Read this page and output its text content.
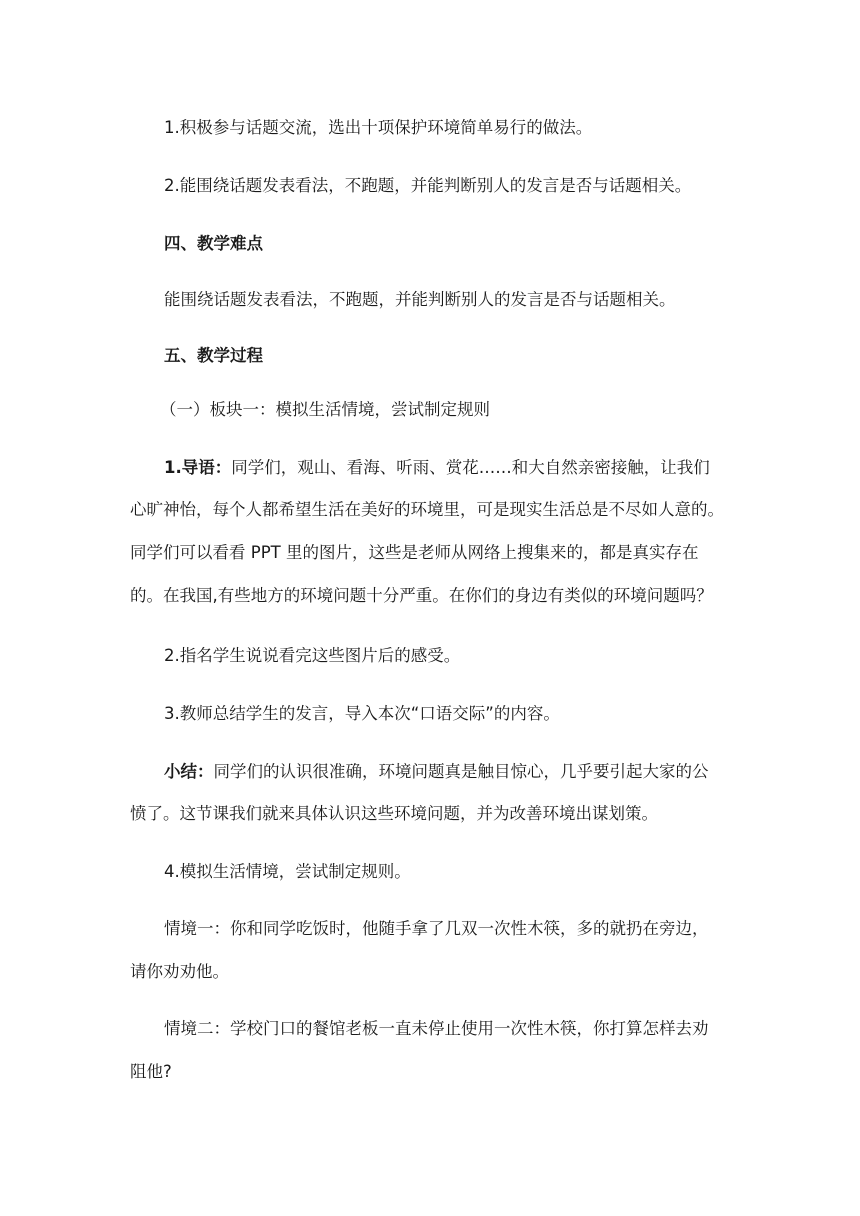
1.积极参与话题交流，选出十项保护环境简单易行的做法。
2.能围绕话题发表看法，不跑题，并能判断别人的发言是否与话题相关。
四、教学难点
能围绕话题发表看法，不跑题，并能判断别人的发言是否与话题相关。
五、教学过程
（一）板块一：模拟生活情境，尝试制定规则
1.导语：同学们，观山、看海、听雨、赏花……和大自然亲密接触，让我们
心旷神怡，每个人都希望生活在美好的环境里，可是现实生活总是不尽如人意的。
同学们可以看看 PPT 里的图片，这些是老师从网络上搜集来的，都是真实存在
的。在我国,有些地方的环境问题十分严重。在你们的身边有类似的环境问题吗？
2.指名学生说说看完这些图片后的感受。
3.教师总结学生的发言，导入本次“口语交际”的内容。
小结：同学们的认识很准确，环境问题真是触目惊心，几乎要引起大家的公
愤了。这节课我们就来具体认识这些环境问题，并为改善环境出谋划策。
4.模拟生活情境，尝试制定规则。
情境一：你和同学吃饭时，他随手拿了几双一次性木筷，多的就扔在旁边，
请你劝劝他。
情境二：学校门口的餐馆老板一直未停止使用一次性木筷，你打算怎样去劝
阻他?
